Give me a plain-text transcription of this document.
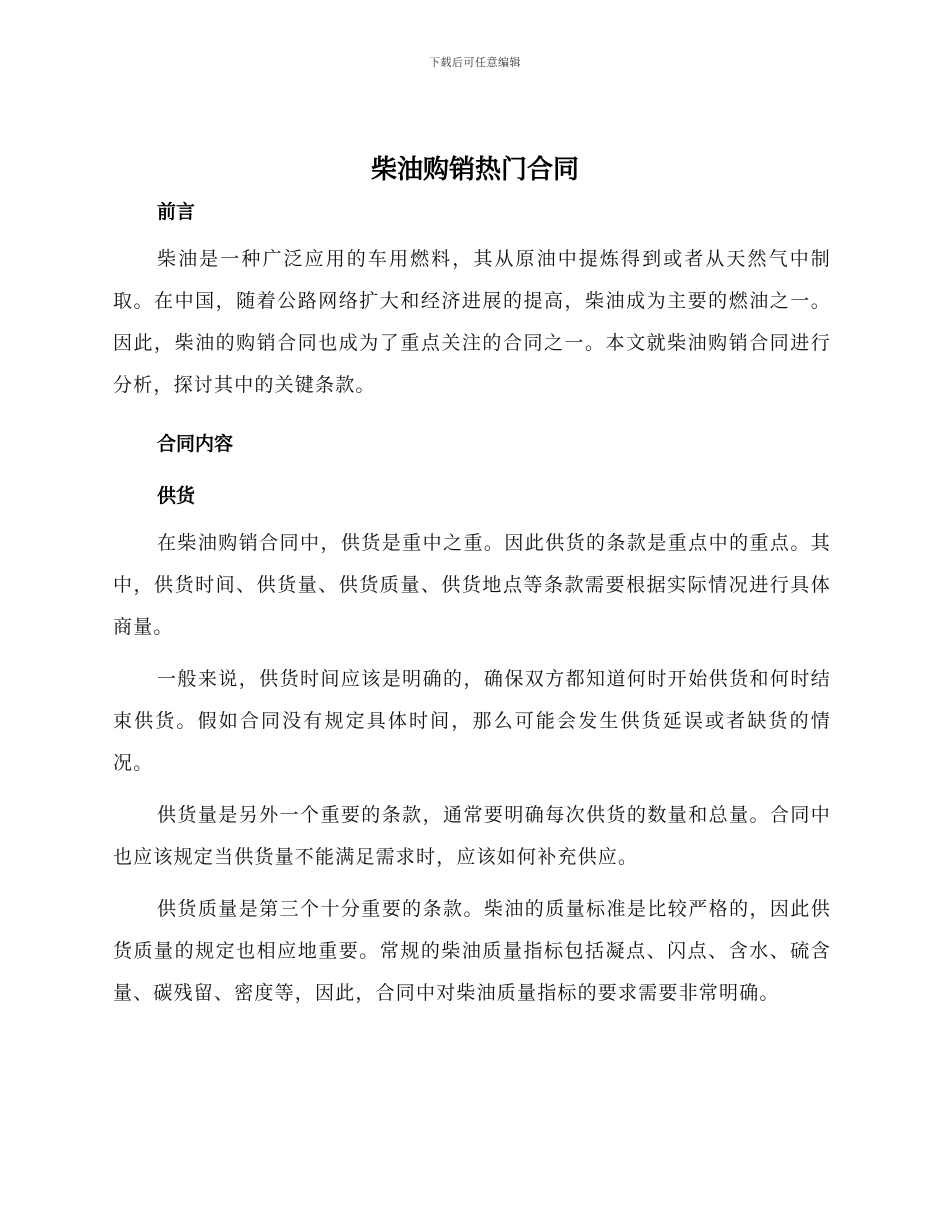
下载后可任意编辑
柴油购销热门合同
前言

柴油是一种广泛应用的车用燃料，其从原油中提炼得到或者从天然气中制取。在中国，随着公路网络扩大和经济进展的提高，柴油成为主要的燃油之一。因此，柴油的购销合同也成为了重点关注的合同之一。本文就柴油购销合同进行分析，探讨其中的关键条款。

合同内容
供货

在柴油购销合同中，供货是重中之重。因此供货的条款是重点中的重点。其中，供货时间、供货量、供货质量、供货地点等条款需要根据实际情况进行具体商量。

一般来说，供货时间应该是明确的，确保双方都知道何时开始供货和何时结束供货。假如合同没有规定具体时间，那么可能会发生供货延误或者缺货的情况。

供货量是另外一个重要的条款，通常要明确每次供货的数量和总量。合同中也应该规定当供货量不能满足需求时，应该如何补充供应。

供货质量是第三个十分重要的条款。柴油的质量标准是比较严格的，因此供货质量的规定也相应地重要。常规的柴油质量指标包括凝点、闪点、含水、硫含量、碳残留、密度等，因此，合同中对柴油质量指标的要求需要非常明确。
